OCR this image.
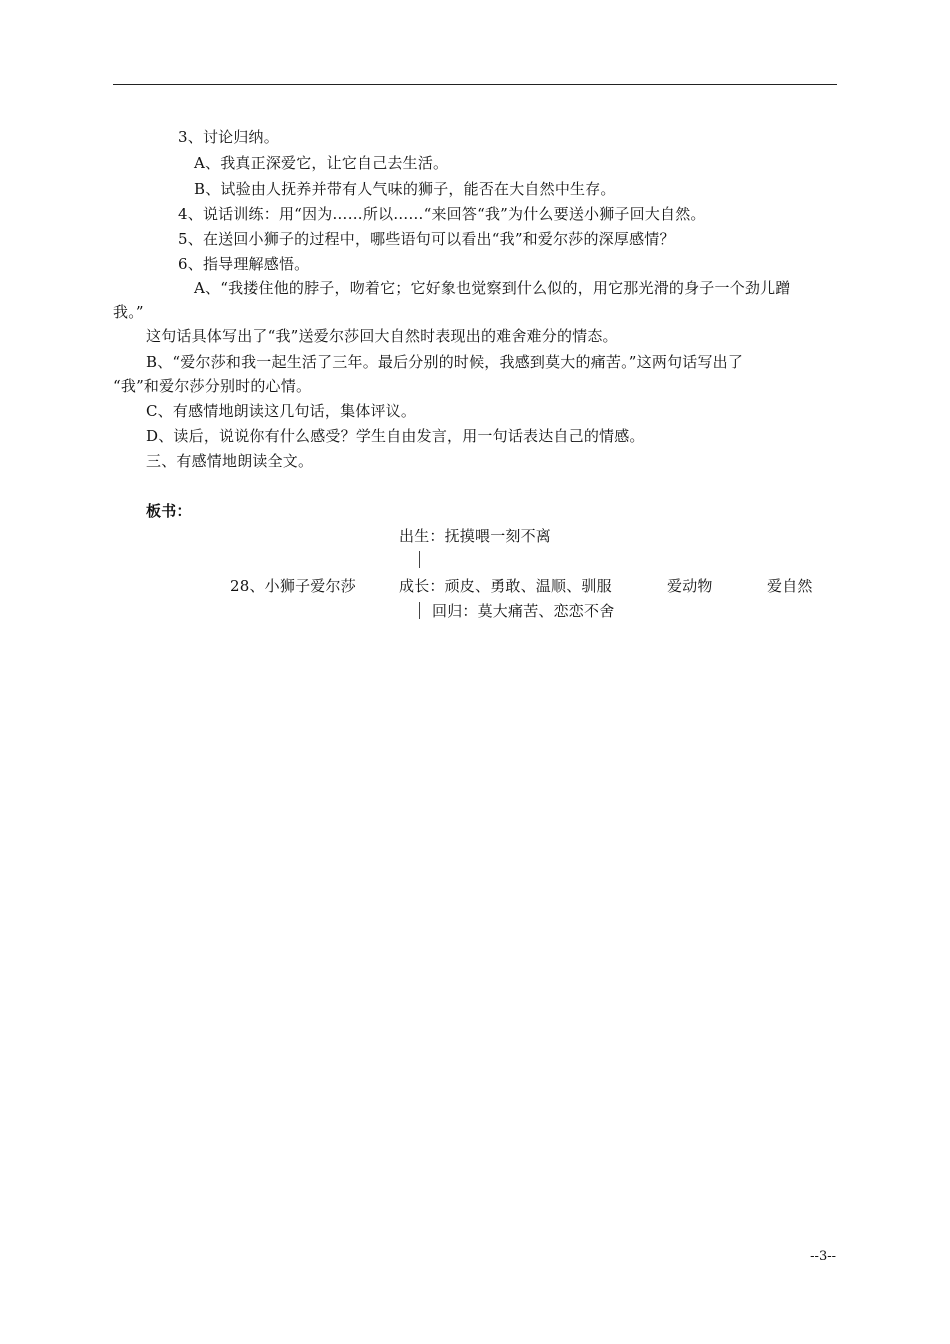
3、讨论归纳。
A、我真正深爱它，让它自己去生活。
B、试验由人抚养并带有人气味的狮子，能否在大自然中生存。
4、说话训练：用“因为……所以……“来回答“我”为什么要送小狮子回大自然。
5、在送回小狮子的过程中，哪些语句可以看出“我”和爱尔莎的深厚感情？
6、指导理解感悟。
A、“我搂住他的脖子，吻着它；它好象也觉察到什么似的，用它那光滑的身子一个劲儿蹭
我。”
这句话具体写出了“我”送爱尔莎回大自然时表现出的难舍难分的情态。
B、“爱尔莎和我一起生活了三年。最后分别的时候，我感到莫大的痛苦。”这两句话写出了
“我”和爱尔莎分别时的心情。
C、有感情地朗读这几句话，集体评议。
D、读后，说说你有什么感受？学生自由发言，用一句话表达自己的情感。
三、有感情地朗读全文。
板书：
出生：抚摸喂一刻不离
28、小狮子爱尔莎	成长：顽皮、勇敢、温顺、驯服	爱动物	爱自然
回归：莫大痛苦、恋恋不舍
--3--
